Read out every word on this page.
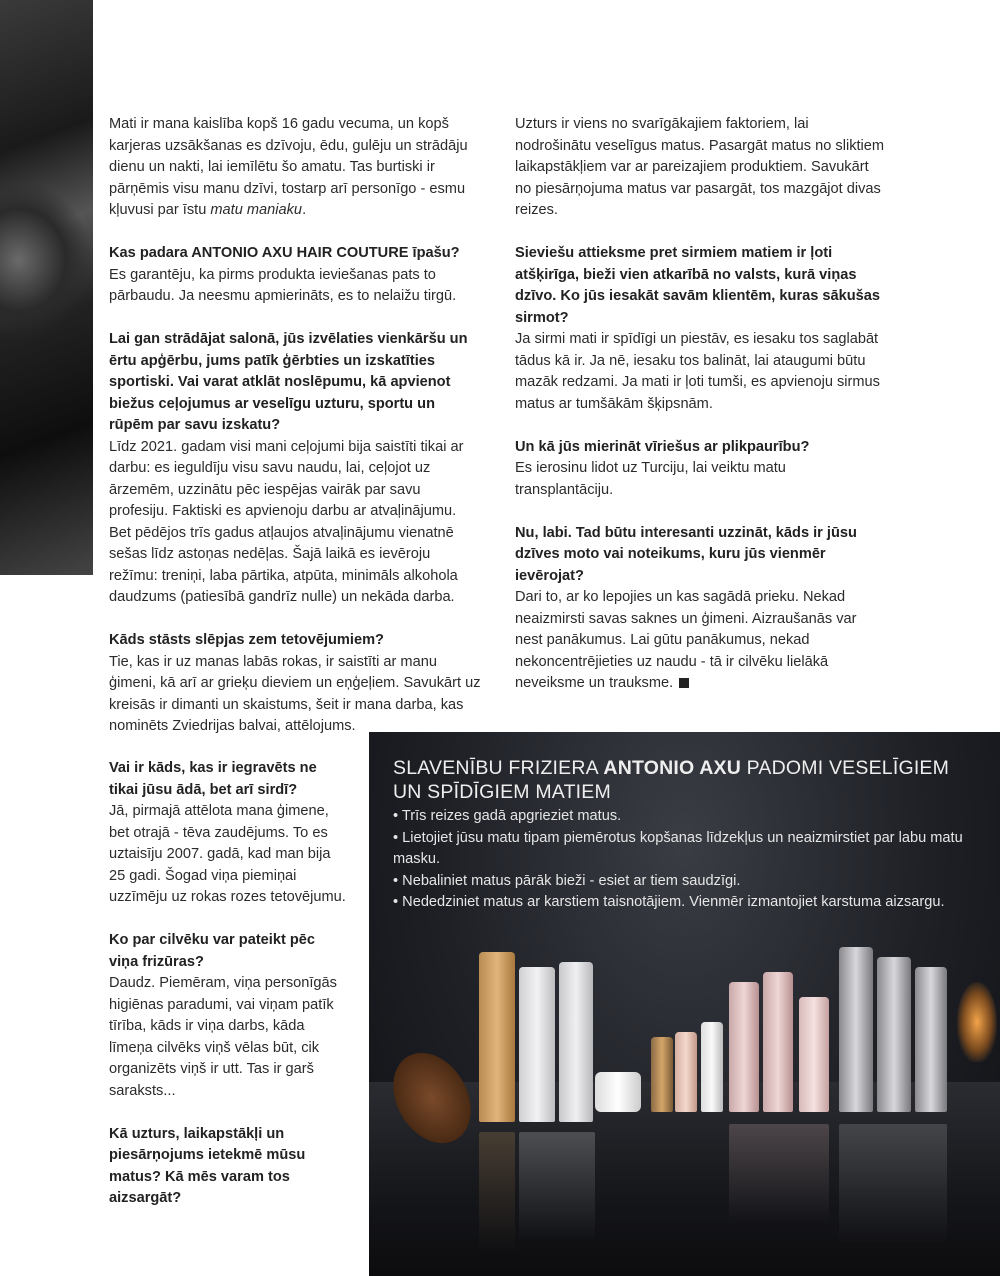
Mati ir mana kaislība kopš 16 gadu vecuma, un kopš karjeras uzsākšanas es dzīvoju, ēdu, gulēju un strādāju dienu un nakti, lai iemīlētu šo amatu. Tas burtiski ir pārņēmis visu manu dzīvi, tostarp arī personīgo - esmu kļuvusi par īstu matu maniaku.

Kas padara ANTONIO AXU HAIR COUTURE īpašu?

Es garantēju, ka pirms produkta ieviešanas pats to pārbaudu. Ja neesmu apmierināts, es to nelaižu tirgū.

Lai gan strādājat salonā, jūs izvēlaties vienkāršu un ērtu apģērbu, jums patīk ģērbties un izskatīties sportiski. Vai varat atklāt noslēpumu, kā apvienot biežus ceļojumus ar veselīgu uzturu, sportu un rūpēm par savu izskatu?

Līdz 2021. gadam visi mani ceļojumi bija saistīti tikai ar darbu: es ieguldīju visu savu naudu, lai, ceļojot uz ārzemēm, uzzinātu pēc iespējas vairāk par savu profesiju. Faktiski es apvienoju darbu ar atvaļinājumu. Bet pēdējos trīs gadus atļaujos atvaļinājumu vienatnē sešas līdz astoņas nedēļas. Šajā laikā es ievēroju režīmu: treniņi, laba pārtika, atpūta, minimāls alkohola daudzums (patiesībā gandrīz nulle) un nekāda darba.

Kāds stāsts slēpjas zem tetovējumiem?

Tie, kas ir uz manas labās rokas, ir saistīti ar manu ģimeni, kā arī ar grieķu dieviem un eņģeļiem. Savukārt uz kreisās ir dimanti un skaistums, šeit ir mana darba, kas nominēts Zviedrijas balvai, attēlojums.

Vai ir kāds, kas ir iegravēts ne tikai jūsu ādā, bet arī sirdī?

Jā, pirmajā attēlota mana ģimene, bet otrajā - tēva zaudējums. To es uztaisīju 2007. gadā, kad man bija 25 gadi. Šogad viņa piemiņai uzzīmēju uz rokas rozes tetovējumu.

Ko par cilvēku var pateikt pēc viņa frizūras?

Daudz. Piemēram, viņa personīgās higiēnas paradumi, vai viņam patīk tīrība, kāds ir viņa darbs, kāda līmeņa cilvēks viņš vēlas būt, cik organizēts viņš ir utt. Tas ir garš saraksts...

Kā uzturs, laikapstākļi un piesārņojums ietekmē mūsu matus? Kā mēs varam tos aizsargāt?

Uzturs ir viens no svarīgākajiem faktoriem, lai nodrošinātu veselīgus matus. Pasargāt matus no sliktiem laikapstākļiem var ar pareizajiem produktiem. Savukārt no piesārņojuma matus var pasargāt, tos mazgājot divas reizes.

Sieviešu attieksme pret sirmiem matiem ir ļoti atšķirīga, bieži vien atkarībā no valsts, kurā viņas dzīvo. Ko jūs iesakāt savām klientēm, kuras sākušas sirmot?

Ja sirmi mati ir spīdīgi un piestāv, es iesaku tos saglabāt tādus kā ir. Ja nē, iesaku tos balināt, lai ataugumi būtu mazāk redzami. Ja mati ir ļoti tumši, es apvienoju sirmus matus ar tumšākām šķipsnām.

Un kā jūs mierināt vīriešus ar plikpaurību?

Es ierosinu lidot uz Turciju, lai veiktu matu transplantāciju.

Nu, labi. Tad būtu interesanti uzzināt, kāds ir jūsu dzīves moto vai noteikums, kuru jūs vienmēr ievērojat?

Dari to, ar ko lepojies un kas sagādā prieku. Nekad neaizmirsti savas saknes un ģimeni. Aizraušanās var nest panākumus. Lai gūtu panākumus, nekad nekoncentrējieties uz naudu - tā ir cilvēku lielākā neveiksme un trauksme.

SLAVENĪBU FRIZIERA ANTONIO AXU PADOMI VESELĪGIEM UN SPĪDĪGIEM MATIEM
• Trīs reizes gadā apgrieziet matus.
• Lietojiet jūsu matu tipam piemērotus kopšanas līdzekļus un neaizmirstiet par labu matu masku.
• Nebaliniet matus pārāk bieži - esiet ar tiem saudzīgi.
• Nededziniet matus ar karstiem taisnotājiem. Vienmēr izmantojiet karstuma aizsargu.
